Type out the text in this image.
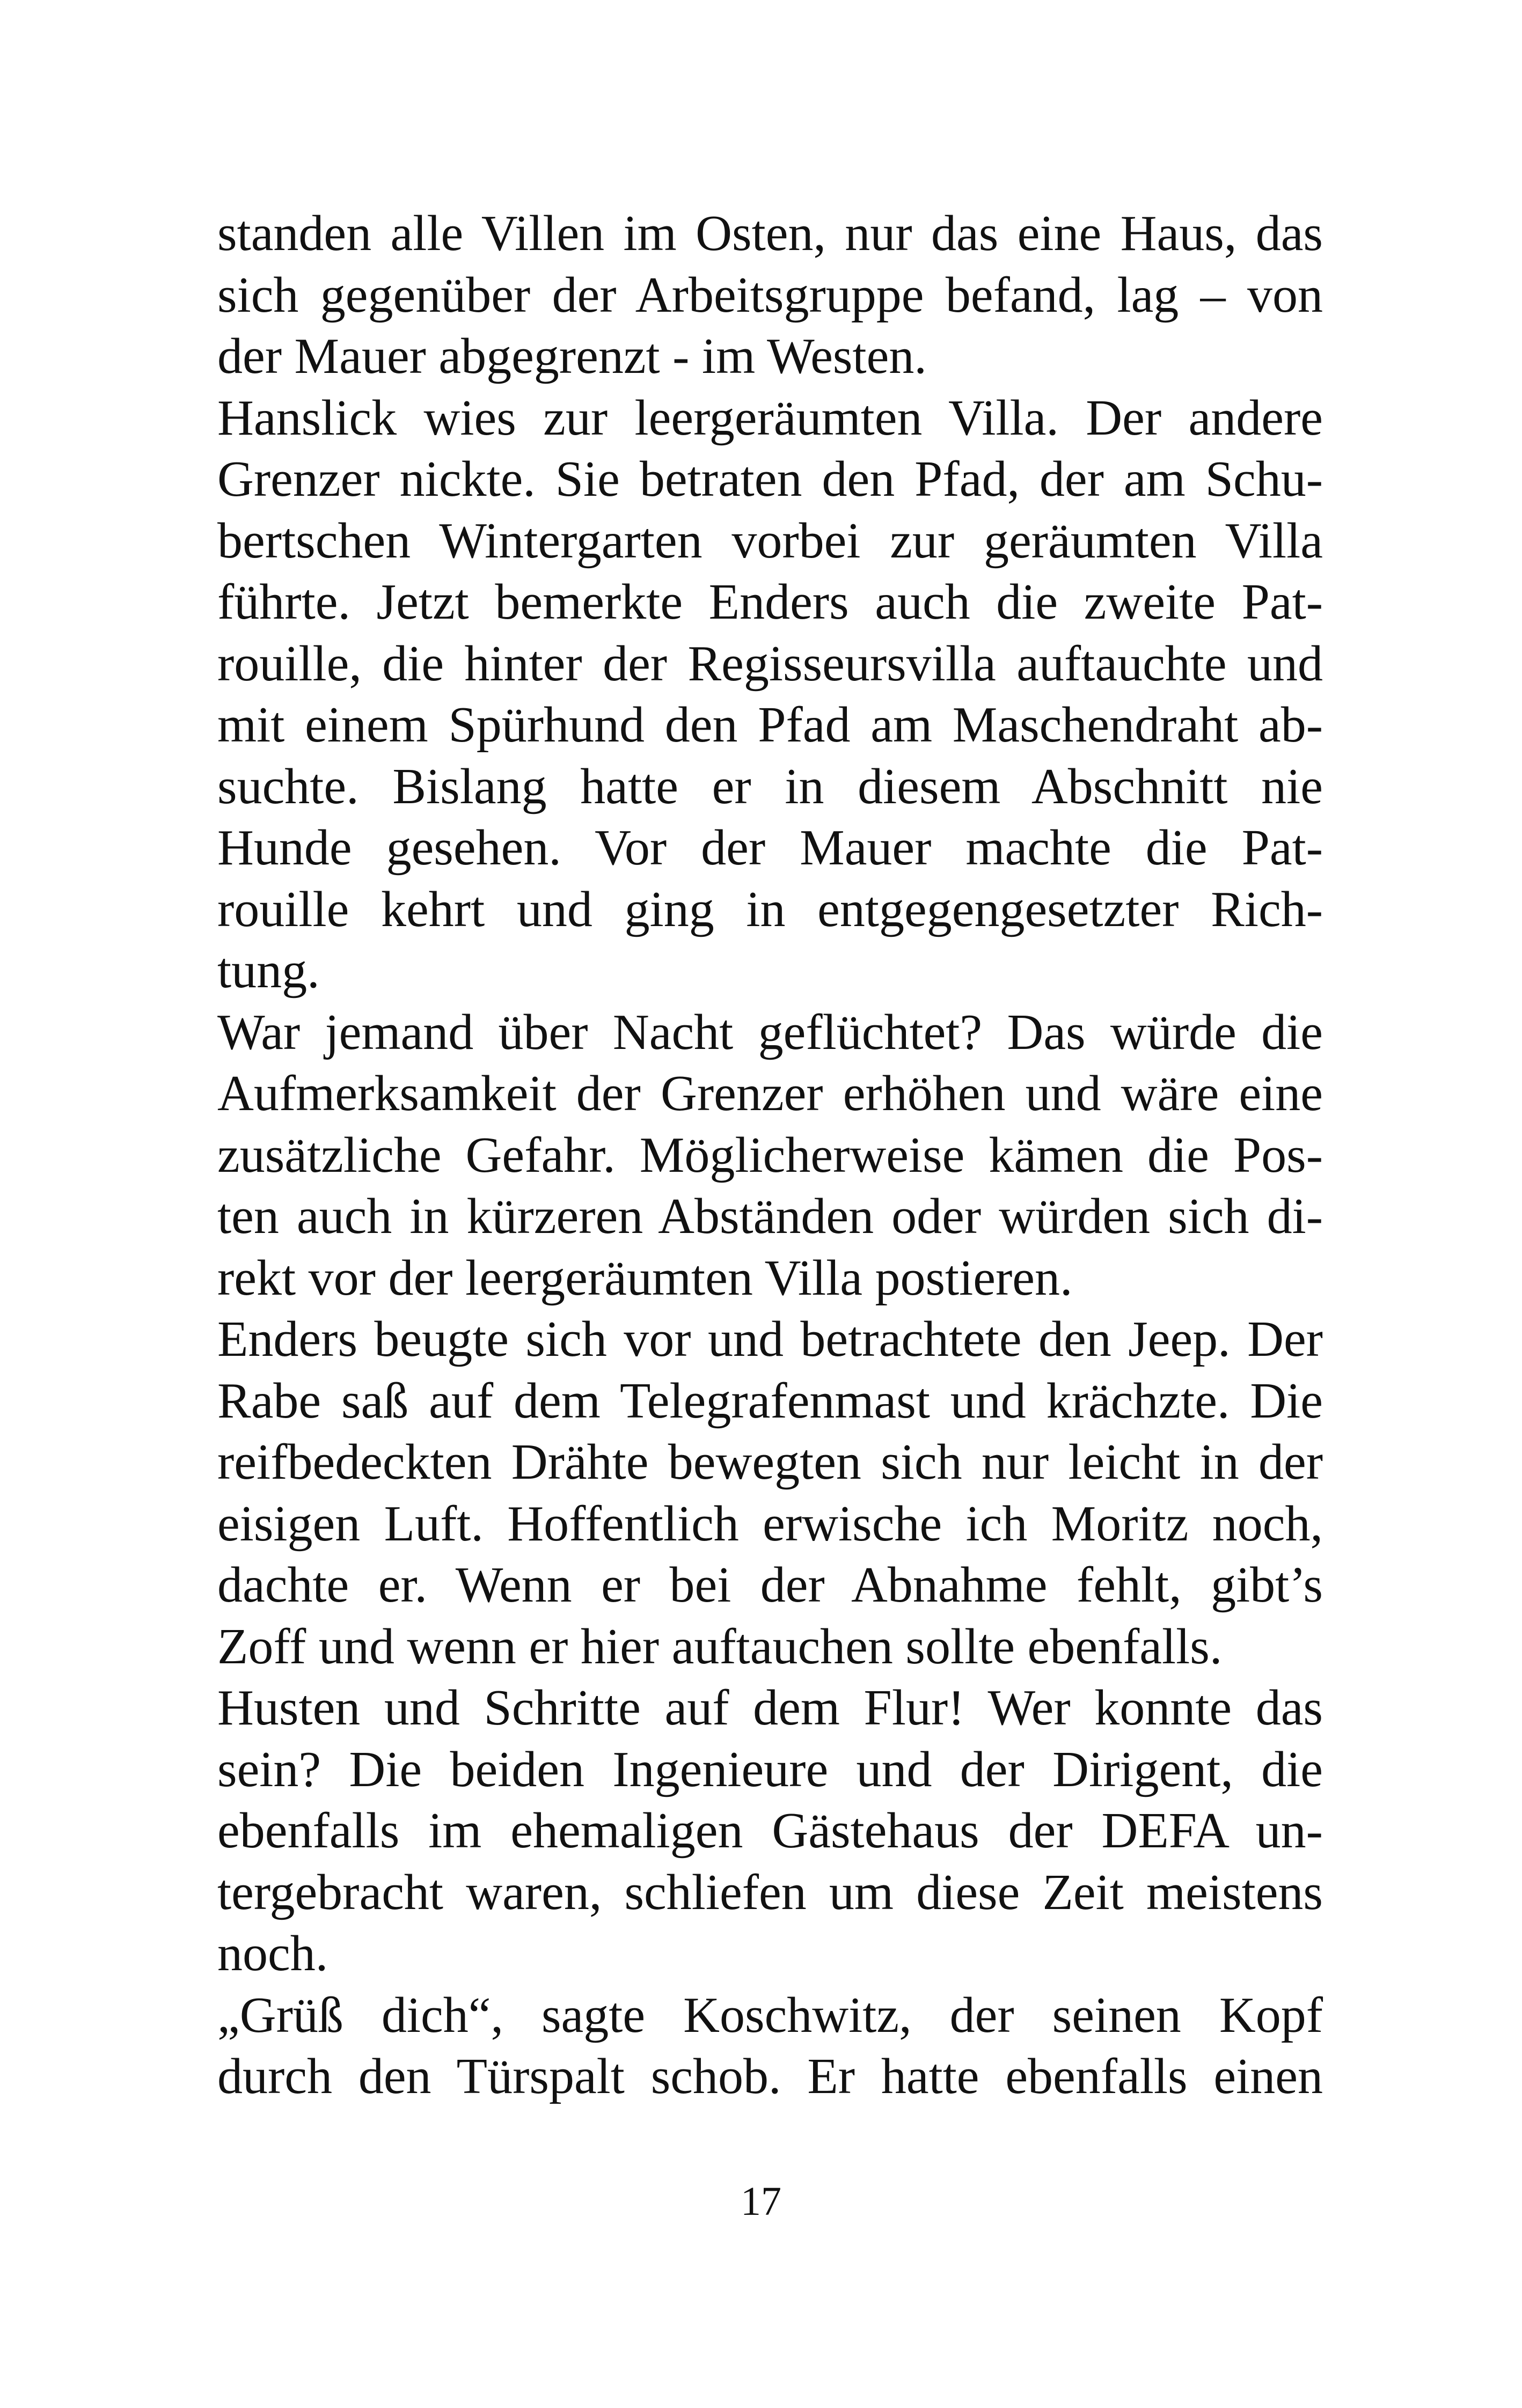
standen alle Villen im Osten, nur das eine Haus, das
sich gegenüber der Arbeitsgruppe befand, lag – von
der Mauer abgegrenzt - im Westen.
Hanslick wies zur leergeräumten Villa. Der andere
Grenzer nickte. Sie betraten den Pfad, der am Schu-
bertschen Wintergarten vorbei zur geräumten Villa
führte. Jetzt bemerkte Enders auch die zweite Pat-
rouille, die hinter der Regisseursvilla auftauchte und
mit einem Spürhund den Pfad am Maschendraht ab-
suchte. Bislang hatte er in diesem Abschnitt nie
Hunde gesehen. Vor der Mauer machte die Pat-
rouille kehrt und ging in entgegengesetzter Rich-
tung.
War jemand über Nacht geflüchtet? Das würde die
Aufmerksamkeit der Grenzer erhöhen und wäre eine
zusätzliche Gefahr. Möglicherweise kämen die Pos-
ten auch in kürzeren Abständen oder würden sich di-
rekt vor der leergeräumten Villa postieren.
Enders beugte sich vor und betrachtete den Jeep. Der
Rabe saß auf dem Telegrafenmast und krächzte. Die
reifbedeckten Drähte bewegten sich nur leicht in der
eisigen Luft. Hoffentlich erwische ich Moritz noch,
dachte er. Wenn er bei der Abnahme fehlt, gibt’s
Zoff und wenn er hier auftauchen sollte ebenfalls.
Husten und Schritte auf dem Flur! Wer konnte das
sein? Die beiden Ingenieure und der Dirigent, die
ebenfalls im ehemaligen Gästehaus der DEFA un-
tergebracht waren, schliefen um diese Zeit meistens
noch.
„Grüß dich“, sagte Koschwitz, der seinen Kopf
durch den Türspalt schob. Er hatte ebenfalls einen
17
